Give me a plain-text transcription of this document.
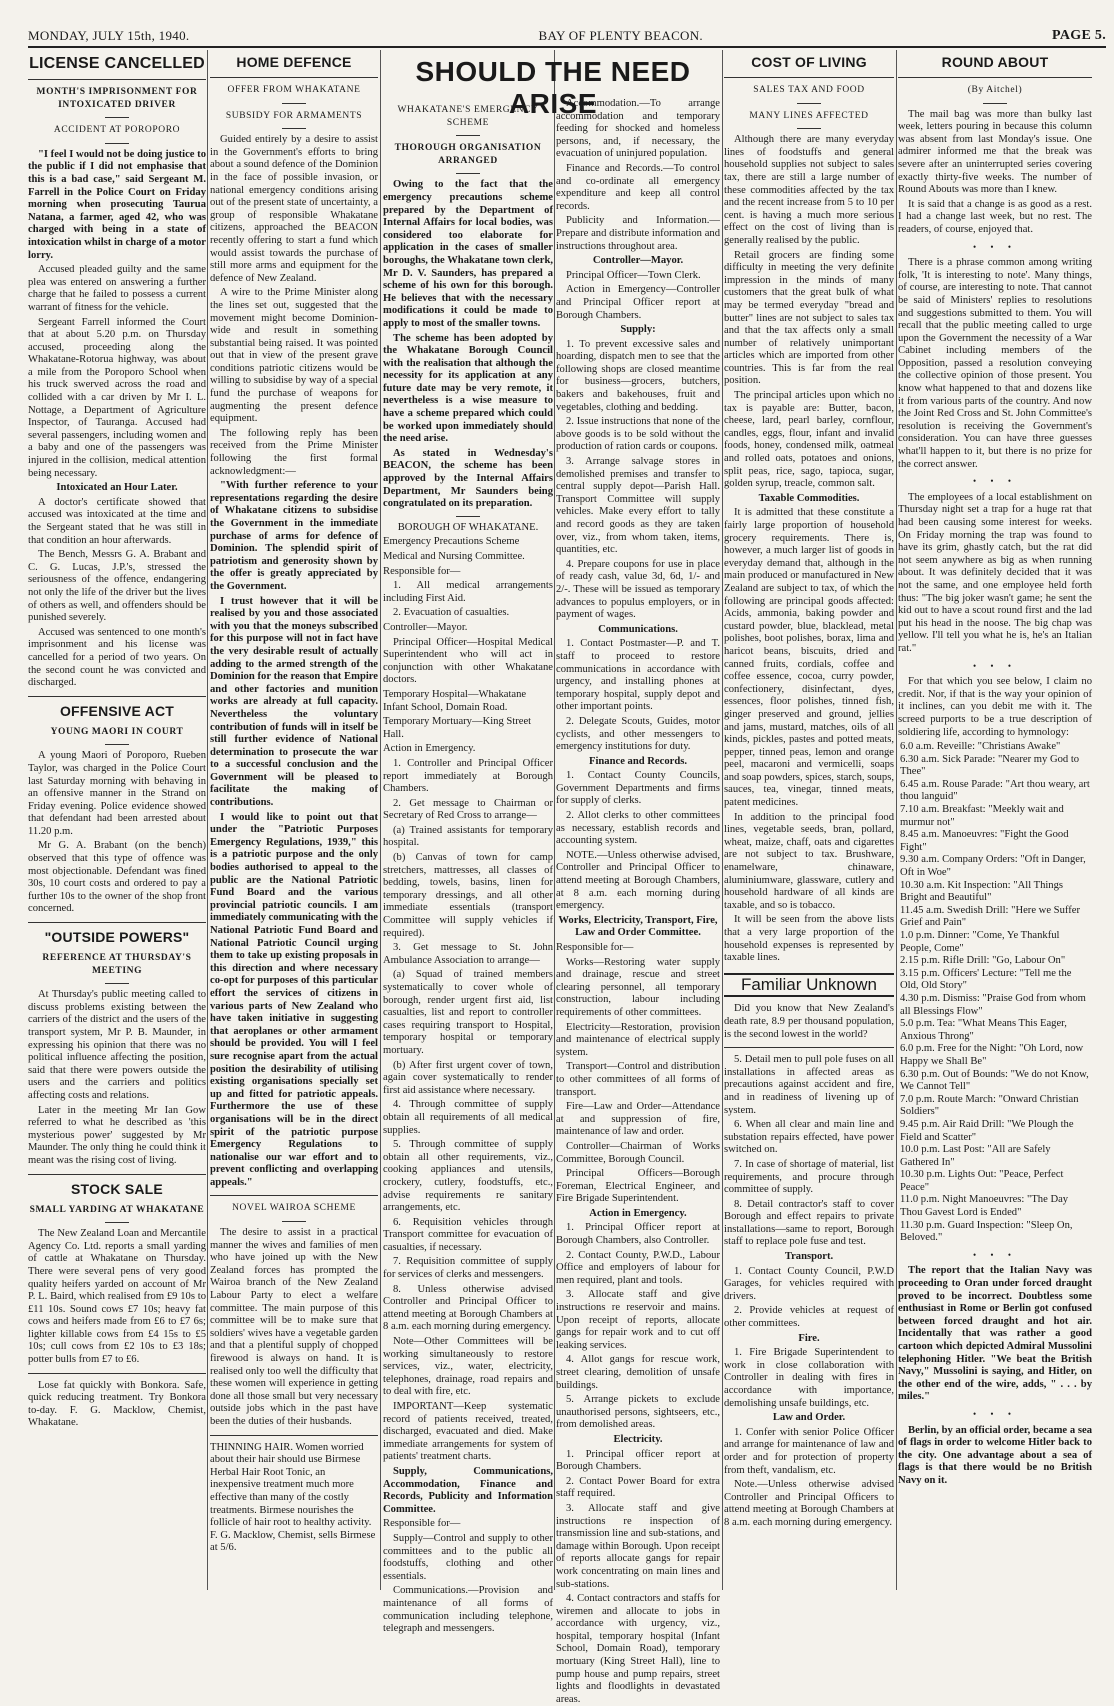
MONDAY, JULY 15th, 1940.	BAY OF PLENTY BEACON.	PAGE 5.
LICENSE CANCELLED
MONTH'S IMPRISONMENT FOR INTOXICATED DRIVER
ACCIDENT AT POROPORO

"I feel I would not be doing justice to the public if I did not emphasise that this is a bad case," said Sergeant M. Farrell in the Police Court on Friday morning when prosecuting Taurua Natana, a farmer, aged 42, who was charged with being in a state of intoxication whilst in charge of a motor lorry.

Accused pleaded guilty and the same plea was entered on answering a further charge that he failed to possess a current warrant of fitness for the vehicle.

Sergeant Farrell informed the Court that at about 5.20 p.m. on Thursday accused, proceeding along the Whakatane-Rotorua highway, was about a mile from the Poroporo School when his truck swerved across the road and collided with a car driven by Mr I. L. Nottage, a Department of Agriculture Inspector, of Tauranga. Accused had several passengers, including women and a baby and one of the passengers was injured in the collision, medical attention being necessary.

Intoxicated an Hour Later.

A doctor's certificate showed that accused was intoxicated at the time and the Sergeant stated that he was still in that condition an hour afterwards.

The Bench, Messrs G. A. Brabant and C. G. Lucas, J.P.'s, stressed the seriousness of the offence, endangering not only the life of the driver but the lives of others as well, and offenders should be punished severely.

Accused was sentenced to one month's imprisonment and his license was cancelled for a period of two years. On the second count he was convicted and discharged.

OFFENSIVE ACT
YOUNG MAORI IN COURT

A young Maori of Poroporo, Rueben Taylor, was charged in the Police Court last Saturday morning with behaving in an offensive manner in the Strand on Friday evening. Police evidence showed that defendant had been arrested about 11.20 p.m.

Mr G. A. Brabant (on the bench) observed that this type of offence was most objectionable. Defendant was fined 30s, 10 court costs and ordered to pay a further 10s to the owner of the shop front concerned.

"OUTSIDE POWERS"
REFERENCE AT THURSDAY'S MEETING

At Thursday's public meeting called to discuss problems existing between the carriers of the district and the users of the transport system, Mr P. B. Maunder, in expressing his opinion that there was no political influence affecting the position, said that there were powers outside the users and the carriers and politics affecting costs and relations.

Later in the meeting Mr Ian Gow referred to what he described as 'this mysterious power' suggested by Mr Maunder. The only thing he could think it meant was the rising cost of living.

STOCK SALE
SMALL YARDING AT WHAKATANE

The New Zealand Loan and Mercantile Agency Co. Ltd. reports a small yarding of cattle at Whakatane on Thursday. There were several pens of very good quality heifers yarded on account of Mr P. L. Baird, which realised from £9 10s to £11 10s. Sound cows £7 10s; heavy fat cows and heifers made from £6 to £7 6s; lighter killable cows from £4 15s to £5 10s; cull cows from £2 10s to £3 18s; potter bulls from £7 to £6.

Lose fat quickly with Bonkora. Safe, quick reducing treatment. Try Bonkora to-day. F. G. Macklow, Chemist, Whakatane.

HOME DEFENCE
OFFER FROM WHAKATANE
SUBSIDY FOR ARMAMENTS

Guided entirely by a desire to assist in the Government's efforts to bring about a sound defence of the Dominion in the face of possible invasion, or national emergency conditions arising out of the present state of uncertainty, a group of responsible Whakatane citizens, approached the BEACON recently offering to start a fund which would assist towards the purchase of still more arms and equipment for the defence of New Zealand.

A wire to the Prime Minister along the lines set out, suggested that the movement might become Dominion-wide and result in something substantial being raised. It was pointed out that in view of the present grave conditions patriotic citizens would be willing to subsidise by way of a special fund the purchase of weapons for augmenting the present defence equipment.

The following reply has been received from the Prime Minister following the first formal acknowledgment:—

"With further reference to your representations regarding the desire of Whakatane citizens to subsidise the Government in the immediate purchase of arms for defence of Dominion. The splendid spirit of patriotism and generosity shown by the offer is greatly appreciated by the Government.

I trust however that it will be realised by you and those associated with you that the moneys subscribed for this purpose will not in fact have the very desirable result of actually adding to the armed strength of the Dominion for the reason that Empire and other factories and munition works are already at full capacity. Nevertheless the voluntary contribution of funds will in itself be still further evidence of National determination to prosecute the war to a successful conclusion and the Government will be pleased to facilitate the making of contributions.

I would like to point out that under the "Patriotic Purposes Emergency Regulations, 1939," this is a patriotic purpose and the only bodies authorised to appeal to the public are the National Patriotic Fund Board and the various provincial patriotic councils. I am immediately communicating with the National Patriotic Fund Board and National Patriotic Council urging them to take up existing proposals in this direction and where necessary co-opt for purposes of this particular effort the services of citizens in various parts of New Zealand who have taken initiative in suggesting that aeroplanes or other armament should be provided. You will I feel sure recognise apart from the actual position the desirability of utilising existing organisations specially set up and fitted for patriotic appeals. Furthermore the use of these organisations will be in the direct spirit of the patriotic purpose Emergency Regulations to nationalise our war effort and to prevent conflicting and overlapping appeals."

NOVEL WAIROA SCHEME

The desire to assist in a practical manner the wives and families of men who have joined up with the New Zealand forces has prompted the Wairoa branch of the New Zealand Labour Party to elect a welfare committee. The main purpose of this committee will be to make sure that soldiers' wives have a vegetable garden and that a plentiful supply of chopped firewood is always on hand. It is realised only too well the difficulty that these women will experience in getting done all those small but very necessary outside jobs which in the past have been the duties of their husbands.

THINNING HAIR. Women worried about their hair should use Birmese Herbal Hair Root Tonic, an inexpensive treatment much more effective than many of the costly treatments. Birmese nourishes the follicle of hair root to healthy activity. F. G. Macklow, Chemist, sells Birmese at 5/6.

SHOULD THE NEED ARISE
WHAKATANE'S EMERGENCY SCHEME
THOROUGH ORGANISATION ARRANGED

Owing to the fact that the emergency precautions scheme prepared by the Department of Internal Affairs for local bodies, was considered too elaborate for application in the cases of smaller boroughs, the Whakatane town clerk, Mr D. V. Saunders, has prepared a scheme of his own for this borough. He believes that with the necessary modifications it could be made to apply to most of the smaller towns.

The scheme has been adopted by the Whakatane Borough Council with the realisation that although the necessity for its application at any future date may be very remote, it nevertheless is a wise measure to have a scheme prepared which could be worked upon immediately should the need arise.

As stated in Wednesday's BEACON, the scheme has been approved by the Internal Affairs Department, Mr Saunders being congratulated on its preparation.

BOROUGH OF WHAKATANE.

Emergency Precautions Scheme

Medical and Nursing Committee.

Responsible for—

1. All medical arrangements including First Aid.

2. Evacuation of casualties.

Controller—Mayor.

Principal Officer—Hospital Medical Superintendent who will act in conjunction with other Whakatane doctors.

Temporary Hospital—Whakatane Infant School, Domain Road.

Temporary Mortuary—King Street Hall.

Action in Emergency.

1. Controller and Principal Officer report immediately at Borough Chambers.

2. Get message to Chairman or Secretary of Red Cross to arrange—

(a) Trained assistants for temporary hospital.

(b) Canvas of town for camp stretchers, mattresses, all classes of bedding, towels, basins, linen for temporary dressings, and all other immediate essentials (transport Committee will supply vehicles if required).

3. Get message to St. John Ambulance Association to arrange—

(a) Squad of trained members systematically to cover whole of borough, render urgent first aid, list casualties, list and report to controller cases requiring transport to Hospital, temporary hospital or temporary mortuary.

(b) After first urgent cover of town, again cover systematically to render first aid assistance where necessary.

4. Through committee of supply obtain all requirements of all medical supplies.

5. Through committee of supply obtain all other requirements, viz., cooking appliances and utensils, crockery, cutlery, foodstuffs, etc., advise requirements re sanitary arrangements, etc.

6. Requisition vehicles through Transport committee for evacuation of casualties, if necessary.

7. Requisition committee of supply for services of clerks and messengers.

8. Unless otherwise advised Controller and Principal Officer to attend meeting at Borough Chambers at 8 a.m. each morning during emergency.

Note—Other Committees will be working simultaneously to restore services, viz., water, electricity, telephones, drainage, road repairs and to deal with fire, etc.

IMPORTANT—Keep systematic record of patients received, treated, discharged, evacuated and died. Make immediate arrangements for system of patients' treatment charts.

Supply, Communications, Accommodation, Finance and Records, Publicity and Information Committee.

Responsible for—

Supply—Control and supply to other committees and to the public all foodstuffs, clothing and other essentials.

Communications.—Provision and maintenance of all forms of communication including telephone, telegraph and messengers.

Accommodation.—To arrange accommodation and temporary feeding for shocked and homeless persons, and, if necessary, the evacuation of uninjured population.

Finance and Records.—To control and co-ordinate all emergency expenditure and keep all control records.

Publicity and Information.—Prepare and distribute information and instructions throughout area.

Controller—Mayor.

Principal Officer—Town Clerk.

Action in Emergency—Controller and Principal Officer report at Borough Chambers.

Supply:

1. To prevent excessive sales and hoarding, dispatch men to see that the following shops are closed meantime for business—grocers, butchers, bakers and bakehouses, fruit and vegetables, clothing and bedding.

2. Issue instructions that none of the above goods is to be sold without the production of ration cards or coupons.

3. Arrange salvage stores in demolished premises and transfer to central supply depot—Parish Hall. Transport Committee will supply vehicles. Make every effort to tally and record goods as they are taken over, viz., from whom taken, items, quantities, etc.

4. Prepare coupons for use in place of ready cash, value 3d, 6d, 1/- and 2/-. These will be issued as temporary advances to populus employers, or in payment of wages.

Communications.

1. Contact Postmaster—P. and T. staff to proceed to restore communications in accordance with urgency, and installing phones at temporary hospital, supply depot and other important points.

2. Delegate Scouts, Guides, motor cyclists, and other messengers to emergency institutions for duty.

Finance and Records.

1. Contact County Councils, Government Departments and firms for supply of clerks.

2. Allot clerks to other committees as necessary, establish records and accounting system.

NOTE.—Unless otherwise advised, Controller and Principal Officer to attend meeting at Borough Chambers, at 8 a.m. each morning during emergency.

Works, Electricity, Transport, Fire, Law and Order Committee.

Responsible for—

Works—Restoring water supply and drainage, rescue and street clearing personnel, all temporary construction, labour including requirements of other committees.

Electricity—Restoration, provision and maintenance of electrical supply system.

Transport—Control and distribution to other committees of all forms of transport.

Fire—Law and Order—Attendance at and suppression of fire, maintenance of law and order.

Controller—Chairman of Works Committee, Borough Council.

Principal Officers—Borough Foreman, Electrical Engineer, and Fire Brigade Superintendent.

Action in Emergency.

1. Principal Officer report at Borough Chambers, also Controller.

2. Contact County, P.W.D., Labour Office and employers of labour for men required, plant and tools.

3. Allocate staff and give instructions re reservoir and mains. Upon receipt of reports, allocate gangs for repair work and to cut off leaking services.

4. Allot gangs for rescue work, street clearing, demolition of unsafe buildings.

5. Arrange pickets to exclude unauthorised persons, sightseers, etc., from demolished areas.

Electricity.

1. Principal officer report at Borough Chambers.

2. Contact Power Board for extra staff required.

3. Allocate staff and give instructions re inspection of transmission line and sub-stations, and damage within Borough. Upon receipt of reports allocate gangs for repair work concentrating on main lines and sub-stations.

4. Contact contractors and staffs for wiremen and allocate to jobs in accordance with urgency, viz., hospital, temporary hospital (Infant School, Domain Road), temporary mortuary (King Street Hall), line to pump house and pump repairs, street lights and floodlights in devastated areas.

COST OF LIVING
SALES TAX AND FOOD
MANY LINES AFFECTED

Although there are many everyday lines of foodstuffs and general household supplies not subject to sales tax, there are still a large number of these commodities affected by the tax and the recent increase from 5 to 10 per cent. is having a much more serious effect on the cost of living than is generally realised by the public.

Retail grocers are finding some difficulty in meeting the very definite impression in the minds of many customers that the great bulk of what may be termed everyday "bread and butter" lines are not subject to sales tax and that the tax affects only a small number of relatively unimportant articles which are imported from other countries. This is far from the real position.

The principal articles upon which no tax is payable are: Butter, bacon, cheese, lard, pearl barley, cornflour, candles, eggs, flour, infant and invalid foods, honey, condensed milk, oatmeal and rolled oats, potatoes and onions, split peas, rice, sago, tapioca, sugar, golden syrup, treacle, common salt.

Taxable Commodities.

It is admitted that these constitute a fairly large proportion of household grocery requirements. There is, however, a much larger list of goods in everyday demand that, although in the main produced or manufactured in New Zealand are subject to tax, of which the following are principal goods affected: Acids, ammonia, baking powder and custard powder, blue, blacklead, metal polishes, boot polishes, borax, lima and haricot beans, biscuits, dried and canned fruits, cordials, coffee and coffee essence, cocoa, curry powder, confectionery, disinfectant, dyes, essences, floor polishes, tinned fish, ginger preserved and ground, jellies and jams, mustard, matches, oils of all kinds, pickles, pastes and potted meats, pepper, tinned peas, lemon and orange peel, macaroni and vermicelli, soaps and soap powders, spices, starch, soups, sauces, tea, vinegar, tinned meats, patent medicines.

In addition to the principal food lines, vegetable seeds, bran, pollard, wheat, maize, chaff, oats and cigarettes are not subject to tax. Brushware, enamelware, chinaware, aluminiumware, glassware, cutlery and household hardware of all kinds are taxable, and so is tobacco.

It will be seen from the above lists that a very large proportion of the household expenses is represented by taxable lines.

Familiar Unknown

Did you know that New Zealand's death rate, 8.9 per thousand population, is the second lowest in the world?

5. Detail men to pull pole fuses on all installations in affected areas as precautions against accident and fire, and in readiness of livening up of system.

6. When all clear and main line and substation repairs effected, have power switched on.

7. In case of shortage of material, list requirements, and procure through committee of supply.

8. Detail contractor's staff to cover Borough and effect repairs to private installations—same to report, Borough staff to replace pole fuse and test.

Transport.

1. Contact County Council, P.W.D Garages, for vehicles required with drivers.

2. Provide vehicles at request of other committees.

Fire.

1. Fire Brigade Superintendent to work in close collaboration with Controller in dealing with fires in accordance with importance, demolishing unsafe buildings, etc.

Law and Order.

1. Confer with senior Police Officer and arrange for maintenance of law and order and for protection of property from theft, vandalism, etc.

Note.—Unless otherwise advised Controller and Principal Officers to attend meeting at Borough Chambers at 8 a.m. each morning during emergency.

ROUND ABOUT
(By Aitchel)

The mail bag was more than bulky last week, letters pouring in because this column was absent from last Monday's issue. One admirer informed me that the break was severe after an uninterrupted series covering exactly thirty-five weeks. The number of Round Abouts was more than I knew.

It is said that a change is as good as a rest. I had a change last week, but no rest. The readers, of course, enjoyed that.

• • •

There is a phrase common among writing folk, 'It is interesting to note'. Many things, of course, are interesting to note. That cannot be said of Ministers' replies to resolutions and suggestions submitted to them. You will recall that the public meeting called to urge upon the Government the necessity of a War Cabinet including members of the Opposition, passed a resolution conveying the collective opinion of those present. You know what happened to that and dozens like it from various parts of the country. And now the Joint Red Cross and St. John Committee's resolution is receiving the Government's consideration. You can have three guesses what'll happen to it, but there is no prize for the correct answer.

• • •

The employees of a local establishment on Thursday night set a trap for a huge rat that had been causing some interest for weeks. On Friday morning the trap was found to have its grim, ghastly catch, but the rat did not seem anywhere as big as when running about. It was definitely decided that it was not the same, and one employee held forth thus: "The big joker wasn't game; he sent the kid out to have a scout round first and the lad put his head in the noose. The big chap was yellow. I'll tell you what he is, he's an Italian rat."

• • •

For that which you see below, I claim no credit. Nor, if that is the way your opinion of it inclines, can you debit me with it. The screed purports to be a true description of soldiering life, according to hymnology:

6.0 a.m. Reveille: "Christians Awake"
6.30 a.m. Sick Parade: "Nearer my God to Thee"
6.45 a.m. Rouse Parade: "Art thou weary, art thou languid"
7.10 a.m. Breakfast: "Meekly wait and murmur not"
8.45 a.m. Manoeuvres: "Fight the Good Fight"
9.30 a.m. Company Orders: "Oft in Danger, Oft in Woe"
10.30 a.m. Kit Inspection: "All Things Bright and Beautiful"
11.45 a.m. Swedish Drill: "Here we Suffer Grief and Pain"
1.0 p.m. Dinner: "Come, Ye Thankful People, Come"
2.15 p.m. Rifle Drill: "Go, Labour On"
3.15 p.m. Officers' Lecture: "Tell me the Old, Old Story"
4.30 p.m. Dismiss: "Praise God from whom all Blessings Flow"
5.0 p.m. Tea: "What Means This Eager, Anxious Throng"
6.0 p.m. Free for the Night: "Oh Lord, now Happy we Shall Be"
6.30 p.m. Out of Bounds: "We do not Know, We Cannot Tell"
7.0 p.m. Route March: "Onward Christian Soldiers"
9.45 p.m. Air Raid Drill: "We Plough the Field and Scatter"
10.0 p.m. Last Post: "All are Safely Gathered In"
10.30 p.m. Lights Out: "Peace, Perfect Peace"
11.0 p.m. Night Manoeuvres: "The Day Thou Gavest Lord is Ended"
11.30 p.m. Guard Inspection: "Sleep On, Beloved."
• • •

The report that the Italian Navy was proceeding to Oran under forced draught proved to be incorrect. Doubtless some enthusiast in Rome or Berlin got confused between forced draught and hot air. Incidentally that was rather a good cartoon which depicted Admiral Mussolini telephoning Hitler. "We beat the British Navy," Mussolini is saying, and Hitler, on the other end of the wire, adds, " . . . by miles."

• • •

Berlin, by an official order, became a sea of flags in order to welcome Hitler back to the city. One advantage about a sea of flags is that there would be no British Navy on it.
